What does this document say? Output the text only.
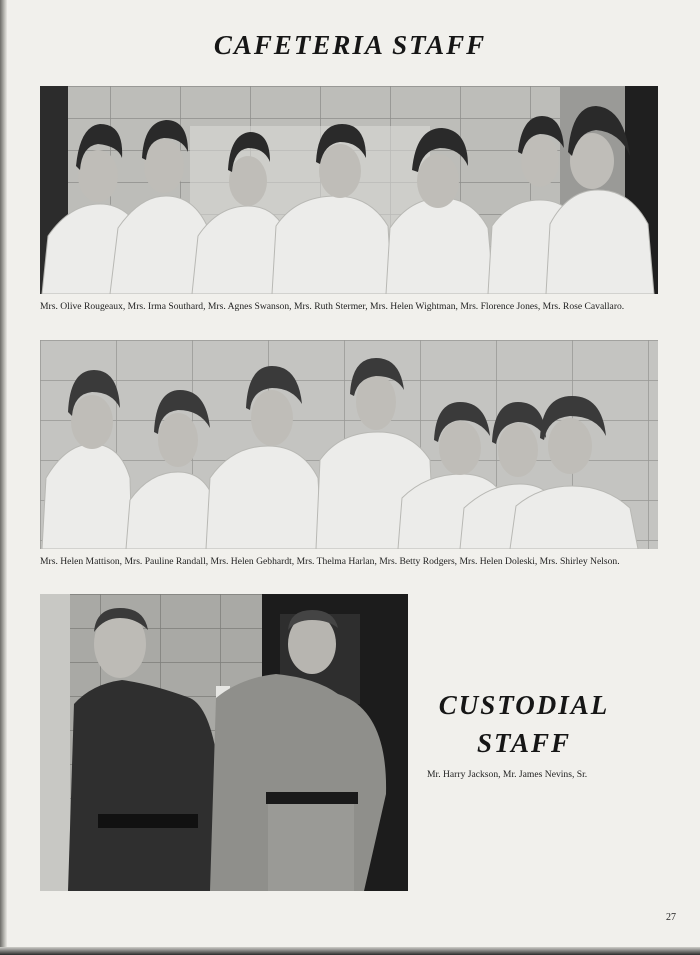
CAFETERIA STAFF
Mrs. Olive Rougeaux, Mrs. Irma Southard, Mrs. Agnes Swanson, Mrs. Ruth Stermer, Mrs. Helen Wightman, Mrs. Florence Jones, Mrs. Rose Cavallaro.
Mrs. Helen Mattison, Mrs. Pauline Randall, Mrs. Helen Gebhardt, Mrs. Thelma Harlan, Mrs. Betty Rodgers, Mrs. Helen Doleski, Mrs. Shirley Nelson.
CUSTODIAL
STAFF
Mr. Harry Jackson, Mr. James Nevins, Sr.
27
